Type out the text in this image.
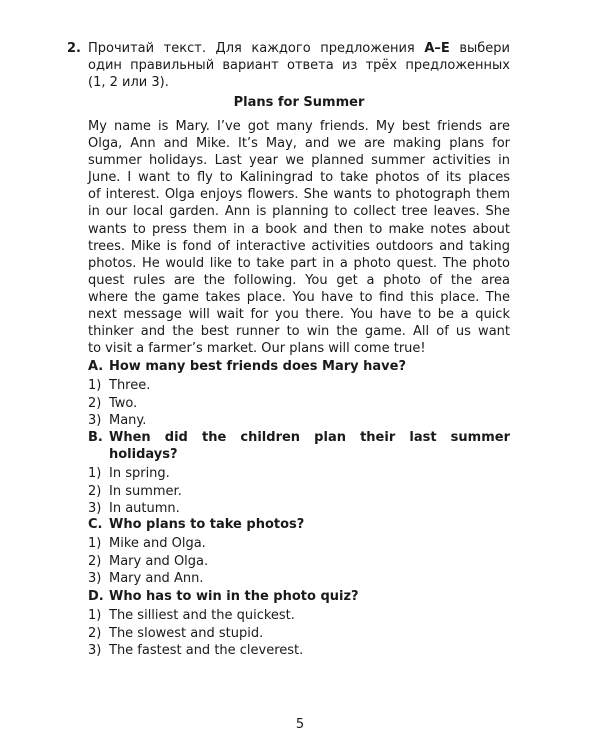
2. Прочитай текст. Для каждого предложения А–Е выбери
один правильный вариант ответа из трёх предложенных
(1, 2 или 3).
Plans for Summer
My name is Mary. I’ve got many friends. My best friends are
Olga, Ann and Mike. It’s May, and we are making plans for
summer holidays. Last year we planned summer activities in
June. I want to fly to Kaliningrad to take photos of its places
of interest. Olga enjoys flowers. She wants to photograph them
in our local garden. Ann is planning to collect tree leaves. She
wants to press them in a book and then to make notes about
trees. Mike is fond of interactive activities outdoors and taking
photos. He would like to take part in a photo quest. The photo
quest rules are the following. You get a photo of the area
where the game takes place. You have to find this place. The
next message will wait for you there. You have to be a quick
thinker and the best runner to win the game. All of us want
to visit a farmer’s market. Our plans will come true!
A. How many best friends does Mary have?
1) Three.
2) Two.
3) Many.
B. When did the children plan their last summer
holidays?
1) In spring.
2) In summer.
3) In autumn.
C. Who plans to take photos?
1) Mike and Olga.
2) Mary and Olga.
3) Mary and Ann.
D. Who has to win in the photo quiz?
1) The silliest and the quickest.
2) The slowest and stupid.
3) The fastest and the cleverest.
5
